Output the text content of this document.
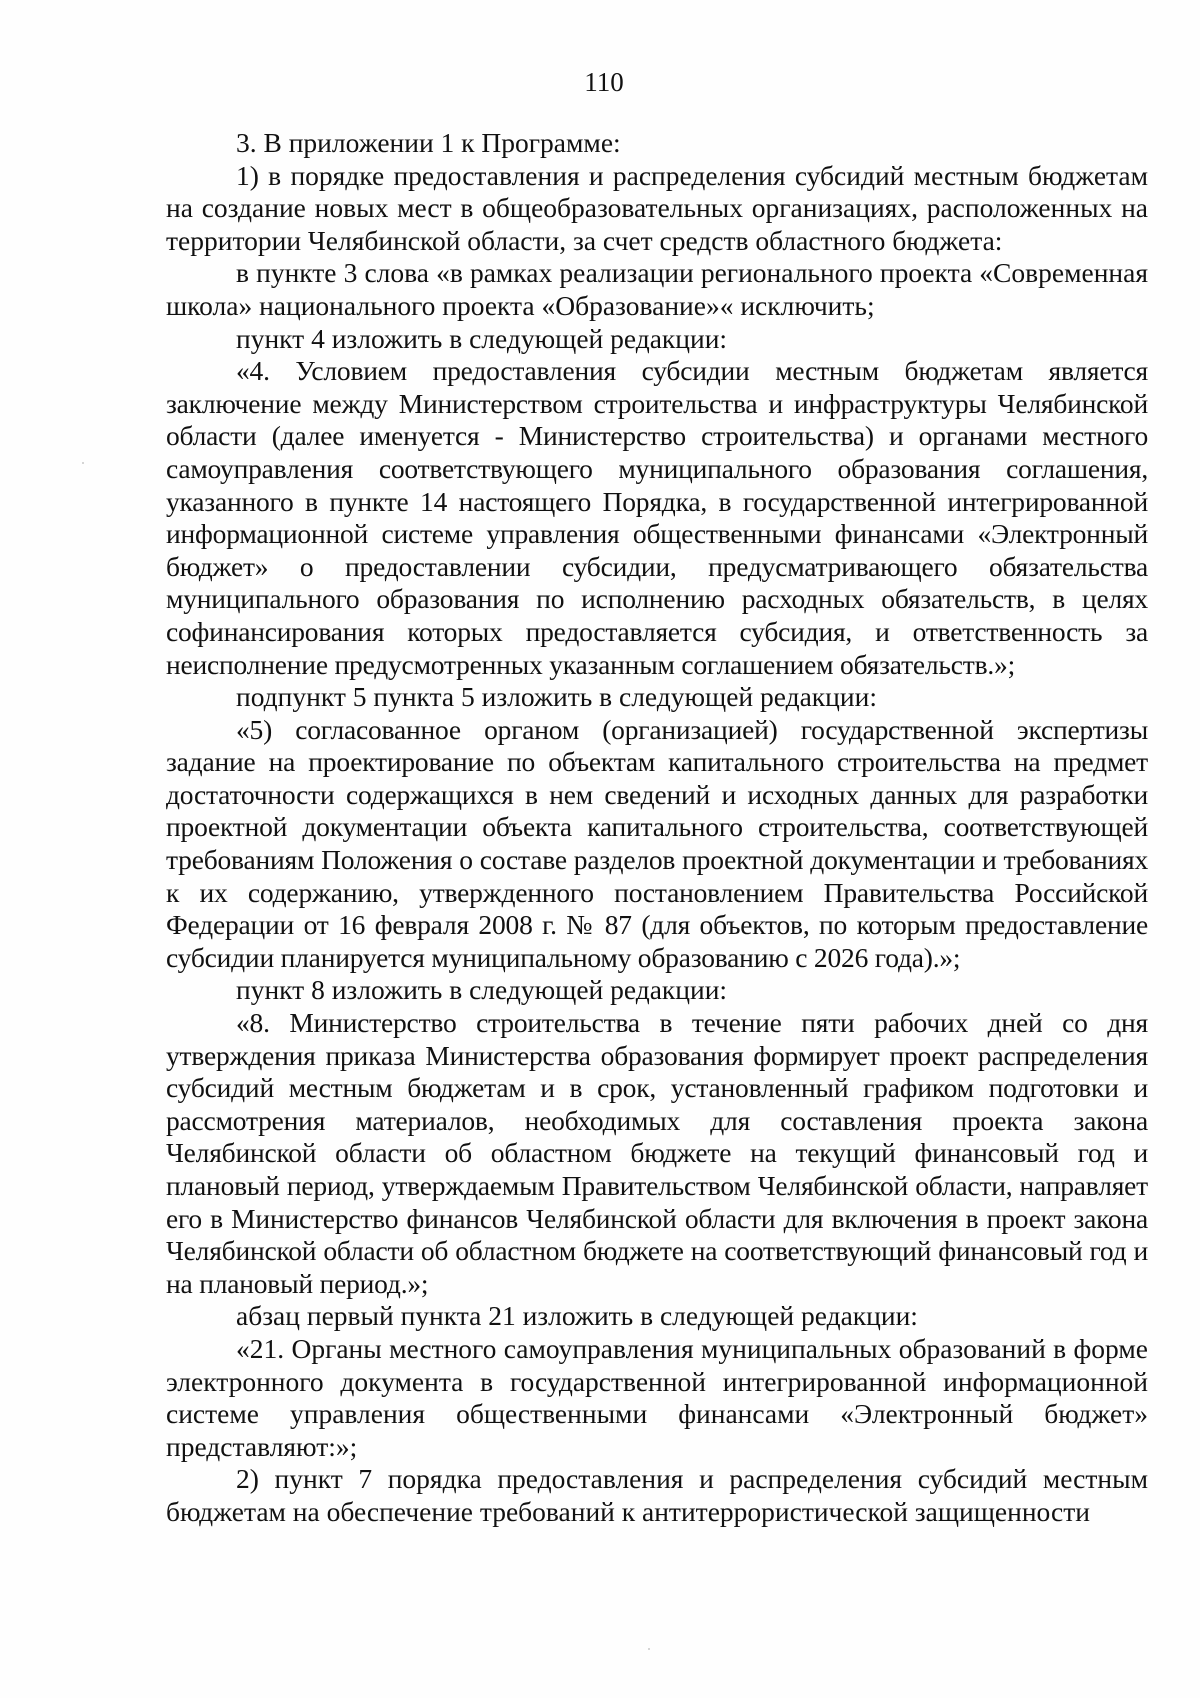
110

3. В приложении 1 к Программе:

1) в порядке предоставления и распределения субсидий местным бюджетам на создание новых мест в общеобразовательных организациях, расположенных на территории Челябинской области, за счет средств областного бюджета:

в пункте 3 слова «в рамках реализации регионального проекта «Современная школа» национального проекта «Образование»« исключить;

пункт 4 изложить в следующей редакции:

«4. Условием предоставления субсидии местным бюджетам является заключение между Министерством строительства и инфраструктуры Челябинской области (далее именуется - Министерство строительства) и органами местного самоуправления соответствующего муниципального образования соглашения, указанного в пункте 14 настоящего Порядка, в государственной интегрированной информационной системе управления общественными финансами «Электронный бюджет» о предоставлении субсидии, предусматривающего обязательства муниципального образования по исполнению расходных обязательств, в целях софинансирования которых предоставляется субсидия, и ответственность за неисполнение предусмотренных указанным соглашением обязательств.»;

подпункт 5 пункта 5 изложить в следующей редакции:

«5) согласованное органом (организацией) государственной экспертизы задание на проектирование по объектам капитального строительства на предмет достаточности содержащихся в нем сведений и исходных данных для разработки проектной документации объекта капитального строительства, соответствующей требованиям Положения о составе разделов проектной документации и требованиях к их содержанию, утвержденного постановлением Правительства Российской Федерации от 16 февраля 2008 г. № 87 (для объектов, по которым предоставление субсидии планируется муниципальному образованию с 2026 года).»;

пункт 8 изложить в следующей редакции:

«8. Министерство строительства в течение пяти рабочих дней со дня утверждения приказа Министерства образования формирует проект распределения субсидий местным бюджетам и в срок, установленный графиком подготовки и рассмотрения материалов, необходимых для составления проекта закона Челябинской области об областном бюджете на текущий финансовый год и плановый период, утверждаемым Правительством Челябинской области, направляет его в Министерство финансов Челябинской области для включения в проект закона Челябинской области об областном бюджете на соответствующий финансовый год и на плановый период.»;

абзац первый пункта 21 изложить в следующей редакции:

«21. Органы местного самоуправления муниципальных образований в форме электронного документа в государственной интегрированной информационной системе управления общественными финансами «Электронный бюджет» представляют:»;

2) пункт 7 порядка предоставления и распределения субсидий местным бюджетам на обеспечение требований к антитеррористической защищенности
